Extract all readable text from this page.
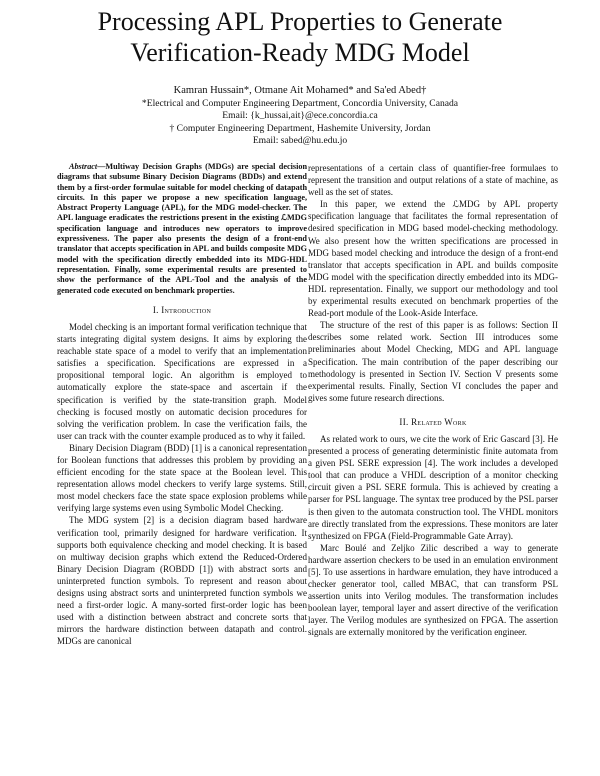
Processing APL Properties to Generate
Verification-Ready MDG Model
Kamran Hussain*, Otmane Ait Mohamed* and Sa'ed Abed†
*Electrical and Computer Engineering Department, Concordia University, Canada
Email: {k_hussai,ait}@ece.concordia.ca
† Computer Engineering Department, Hashemite University, Jordan
Email: sabed@hu.edu.jo

Abstract—Multiway Decision Graphs (MDGs) are special decision diagrams that subsume Binary Decision Diagrams (BDDs) and extend them by a first-order formulae suitable for model checking of datapath circuits. In this paper we propose a new specification language, Abstract Property Language (APL), for the MDG model-checker. The APL language eradicates the restrictions present in the existing ℒMDG specification language and introduces new operators to improve expressiveness. The paper also presents the design of a front-end translator that accepts specification in APL and builds composite MDG model with the specification directly embedded into its MDG-HDL representation. Finally, some experimental results are presented to show the performance of the APL-Tool and the analysis of the generated code executed on benchmark properties.

I. Introduction

Model checking is an important formal verification technique that starts integrating digital system designs. It aims by exploring the reachable state space of a model to verify that an implementation satisfies a specification. Specifications are expressed in a propositional temporal logic. An algorithm is employed to automatically explore the state-space and ascertain if the specification is verified by the state-transition graph. Model checking is focused mostly on automatic decision procedures for solving the verification problem. In case the verification fails, the user can track with the counter example produced as to why it failed.

Binary Decision Diagram (BDD) [1] is a canonical representation for Boolean functions that addresses this problem by providing an efficient encoding for the state space at the Boolean level. This representation allows model checkers to verify large systems. Still, most model checkers face the state space explosion problems while verifying large systems even using Symbolic Model Checking.

The MDG system [2] is a decision diagram based hardware verification tool, primarily designed for hardware verification. It supports both equivalence checking and model checking. It is based on multiway decision graphs which extend the Reduced-Ordered Binary Decision Diagram (ROBDD [1]) with abstract sorts and uninterpreted function symbols. To represent and reason about designs using abstract sorts and uninterpreted function symbols we need a first-order logic. A many-sorted first-order logic has been used with a distinction between abstract and concrete sorts that mirrors the hardware distinction between datapath and control. MDGs are canonical

representations of a certain class of quantifier-free formulaes to represent the transition and output relations of a state of machine, as well as the set of states.

In this paper, we extend the ℒMDG by APL property specification language that facilitates the formal representation of desired specification in MDG based model-checking methodology. We also present how the written specifications are processed in MDG based model checking and introduce the design of a front-end translator that accepts specification in APL and builds composite MDG model with the specification directly embedded into its MDG-HDL representation. Finally, we support our methodology and tool by experimental results executed on benchmark properties of the Read-port module of the Look-Aside Interface.

The structure of the rest of this paper is as follows: Section II describes some related work. Section III introduces some preliminaries about Model Checking, MDG and APL language Specification. The main contribution of the paper describing our methodology is presented in Section IV. Section V presents some experimental results. Finally, Section VI concludes the paper and gives some future research directions.

II. Related Work

As related work to ours, we cite the work of Eric Gascard [3]. He presented a process of generating deterministic finite automata from a given PSL SERE expression [4]. The work includes a developed tool that can produce a VHDL description of a monitor checking circuit given a PSL SERE formula. This is achieved by creating a parser for PSL language. The syntax tree produced by the PSL parser is then given to the automata construction tool. The VHDL monitors are directly translated from the expressions. These monitors are later synthesized on FPGA (Field-Programmable Gate Array).

Marc Boulé and Zeljko Zilic described a way to generate hardware assertion checkers to be used in an emulation environment [5]. To use assertions in hardware emulation, they have introduced a checker generator tool, called MBAC, that can transform PSL assertion units into Verilog modules. The transformation includes boolean layer, temporal layer and assert directive of the verification layer. The Verilog modules are synthesized on FPGA. The assertion signals are externally monitored by the verification engineer.
